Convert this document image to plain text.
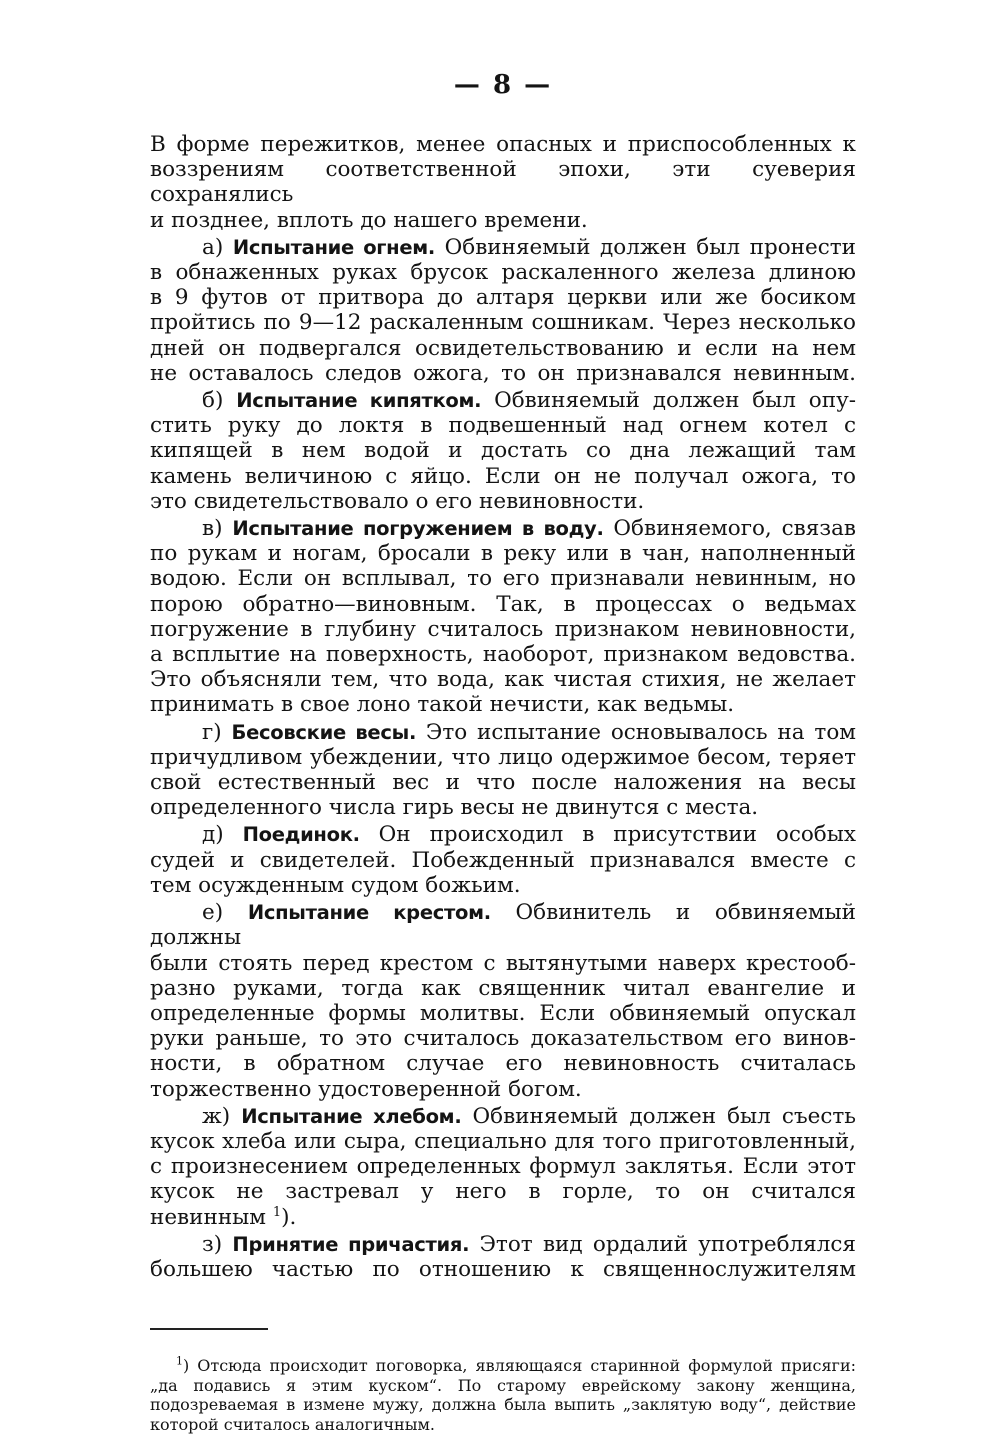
— 8 —

В форме пережитков, менее опасных и приспособленных к

воззрениям соответственной эпохи, эти суеверия сохранялись

и позднее, вплоть до нашего времени.

а) Испытание огнем. Обвиняемый должен был пронести

в обнаженных руках брусок раскаленного железа длиною

в 9 футов от притвора до алтаря церкви или же босиком

пройтись по 9—12 раскаленным сошникам. Через несколько

дней он подвергался освидетельствованию и если на нем

не оставалось следов ожога, то он признавался невинным.

б) Испытание кипятком. Обвиняемый должен был опу-

стить руку до локтя в подвешенный над огнем котел с

кипящей в нем водой и достать со дна лежащий там

камень величиною с яйцо. Если он не получал ожога, то

это свидетельствовало о его невиновности.

в) Испытание погружением в воду. Обвиняемого, связав

по рукам и ногам, бросали в реку или в чан, наполненный

водою. Если он всплывал, то его признавали невинным, но

порою обратно—виновным. Так, в процессах о ведьмах

погружение в глубину считалось признаком невиновности,

а всплытие на поверхность, наоборот, признаком ведовства.

Это объясняли тем, что вода, как чистая стихия, не желает

принимать в свое лоно такой нечисти, как ведьмы.

г) Бесовские весы. Это испытание основывалось на том

причудливом убеждении, что лицо одержимое бесом, теряет

свой естественный вес и что после наложения на весы

определенного числа гирь весы не двинутся с места.

д) Поединок. Он происходил в присутствии особых

судей и свидетелей. Побежденный признавался вместе с

тем осужденным судом божьим.

е) Испытание крестом. Обвинитель и обвиняемый должны

были стоять перед крестом с вытянутыми наверх крестооб-

разно руками, тогда как священник читал евангелие и

определенные формы молитвы. Если обвиняемый опускал

руки раньше, то это считалось доказательством его винов-

ности, в обратном случае его невиновность считалась

торжественно удостоверенной богом.

ж) Испытание хлебом. Обвиняемый должен был съесть

кусок хлеба или сыра, специально для того приготовленный,

с произнесением определенных формул заклятья. Если этот

кусок не застревал у него в горле, то он считался

невинным $^1$).

з) Принятие причастия. Этот вид ордалий употреблялся

большею частью по отношению к священнослужителям

$^1$) Отсюда происходит поговорка, являющаяся старинной формулой присяги: „да подавись я этим куском“. По старому еврейскому закону женщина, подозреваемая в измене мужу, должна была выпить „заклятую воду“, действие которой считалось аналогичным.
